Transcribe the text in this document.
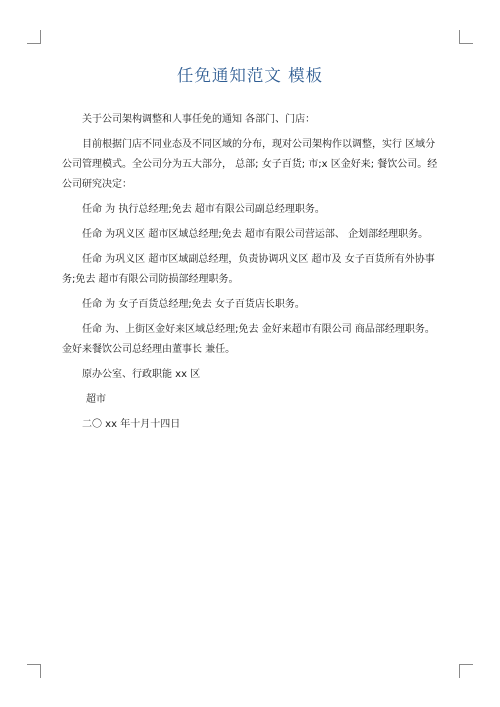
任免通知范文 模板

关于公司架构调整和人事任免的通知 各部门、门店：

目前根据门店不同业态及不同区域的分布，现对公司架构作以调整，实行 区域分公司管理模式。全公司分为五大部分， 总部; 女子百货; 市;x 区金好来; 餐饮公司。经公司研究决定：

任命 为 执行总经理;免去 超市有限公司副总经理职务。

任命 为巩义区 超市区域总经理;免去 超市有限公司营运部、 企划部经理职务。

任命 为巩义区 超市区域副总经理，负责协调巩义区 超市及 女子百货所有外协事务;免去 超市有限公司防损部经理职务。

任命 为 女子百货总经理;免去 女子百货店长职务。

任命 为、上街区金好来区域总经理;免去 金好来超市有限公司 商品部经理职务。

金好来餐饮公司总经理由董事长 兼任。

原办公室、行政职能 xx 区

超市

二〇 xx 年十月十四日
